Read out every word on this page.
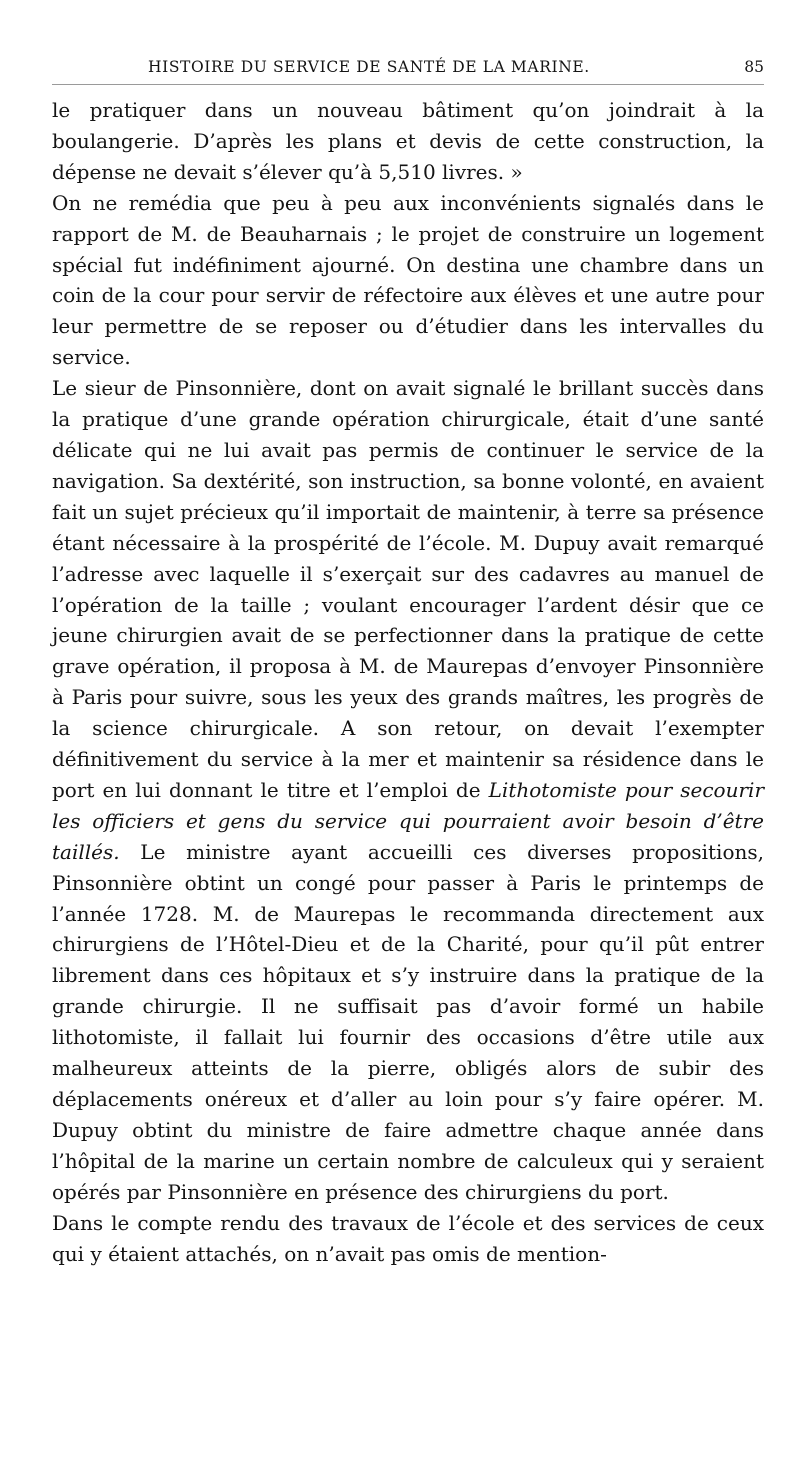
HISTOIRE DU SERVICE DE SANTÉ DE LA MARINE.	85

le pratiquer dans un nouveau bâtiment qu’on joindrait à la boulangerie. D’après les plans et devis de cette construction, la dépense ne devait s’élever qu’à 5,510 livres. »

On ne remédia que peu à peu aux inconvénients signalés dans le rapport de M. de Beauharnais ; le projet de construire un logement spécial fut indéfiniment ajourné. On destina une chambre dans un coin de la cour pour servir de réfectoire aux élèves et une autre pour leur permettre de se reposer ou d’étudier dans les intervalles du service.

Le sieur de Pinsonnière, dont on avait signalé le brillant succès dans la pratique d’une grande opération chirurgicale, était d’une santé délicate qui ne lui avait pas permis de continuer le service de la navigation. Sa dextérité, son instruction, sa bonne volonté, en avaient fait un sujet précieux qu’il importait de maintenir, à terre sa présence étant nécessaire à la prospérité de l’école. M. Dupuy avait remarqué l’adresse avec laquelle il s’exerçait sur des cadavres au manuel de l’opération de la taille ; voulant encourager l’ardent désir que ce jeune chirurgien avait de se perfectionner dans la pratique de cette grave opération, il proposa à M. de Maurepas d’envoyer Pinsonnière à Paris pour suivre, sous les yeux des grands maîtres, les progrès de la science chirurgicale. A son retour, on devait l’exempter définitivement du service à la mer et maintenir sa résidence dans le port en lui donnant le titre et l’emploi de Lithotomiste pour secourir les officiers et gens du service qui pourraient avoir besoin d’être taillés. Le ministre ayant accueilli ces diverses propositions, Pinsonnière obtint un congé pour passer à Paris le printemps de l’année 1728. M. de Maurepas le recommanda directement aux chirurgiens de l’Hôtel-Dieu et de la Charité, pour qu’il pût entrer librement dans ces hôpitaux et s’y instruire dans la pratique de la grande chirurgie. Il ne suffisait pas d’avoir formé un habile lithotomiste, il fallait lui fournir des occasions d’être utile aux malheureux atteints de la pierre, obligés alors de subir des déplacements onéreux et d’aller au loin pour s’y faire opérer. M. Dupuy obtint du ministre de faire admettre chaque année dans l’hôpital de la marine un certain nombre de calculeux qui y seraient opérés par Pinsonnière en présence des chirurgiens du port.

Dans le compte rendu des travaux de l’école et des services de ceux qui y étaient attachés, on n’avait pas omis de mention-
